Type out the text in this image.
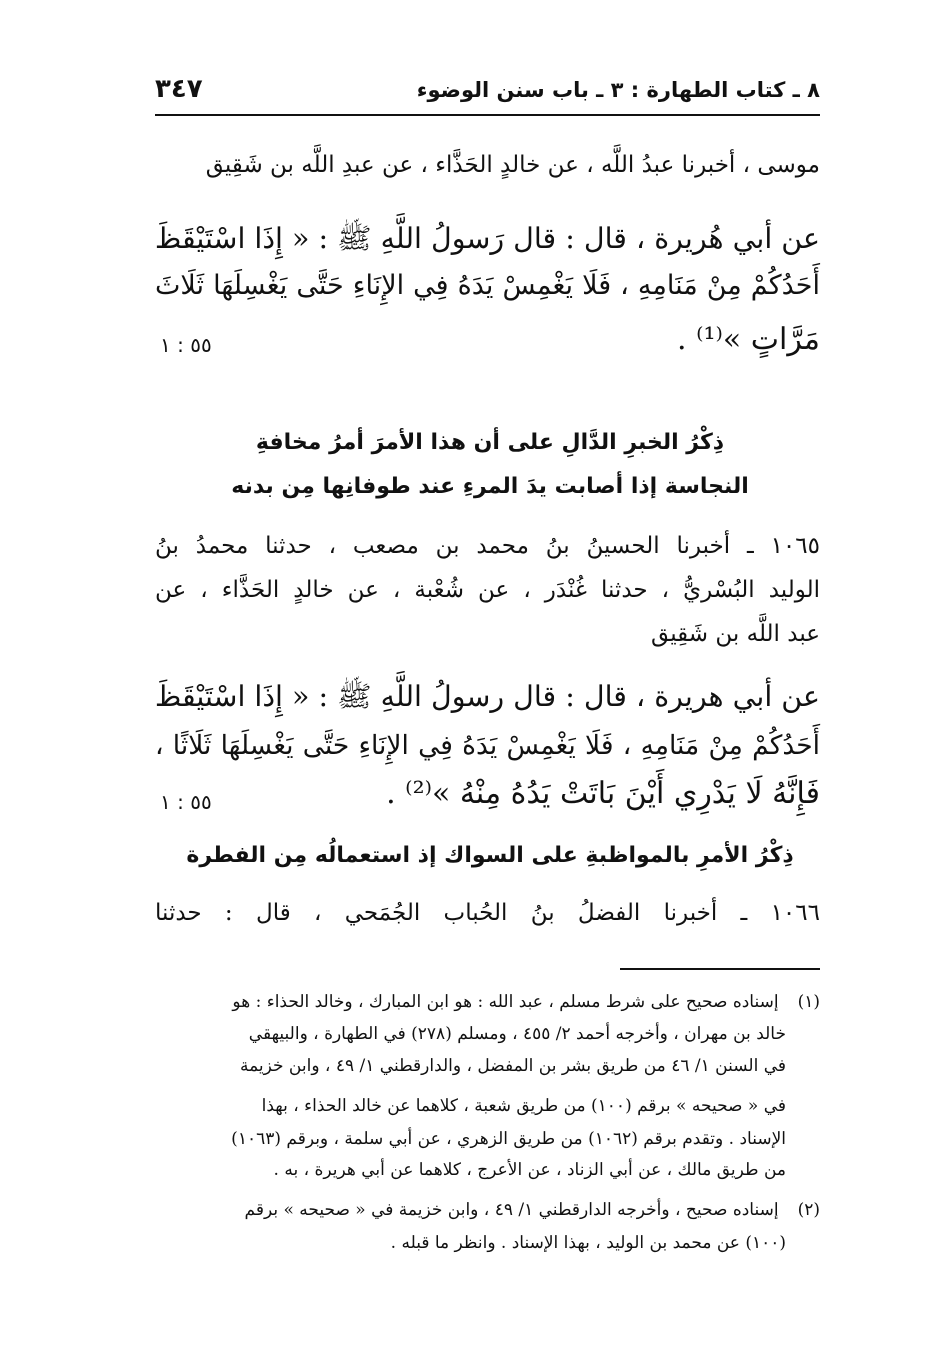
٨ ـ كتاب الطهارة : ٣ ـ باب سنن الوضوء
٣٤٧
موسى ، أخبرنا عبدُ اللَّه ، عن خالدٍ الحَذَّاء ، عن عبدِ اللَّه بن شَقِيق
عن أبي هُريرة ، قال : قال رَسولُ اللَّهِ ﷺ : « إِذَا اسْتَيْقَظَ
أَحَدُكُمْ مِنْ مَنَامِهِ ، فَلَا يَغْمِسْ يَدَهُ فِي الإِنَاءِ حَتَّى يَغْسِلَهَا ثَلَاثَ
مَرَّاتٍ »⁽¹⁾ .
٥٥ : ١
ذِكْرُ الخبرِ الدَّالِ على أن هذا الأمرَ أمرُ مخافةِ
النجاسة إذا أصابت يدَ المرءِ عند طوفانِها مِن بدنه
١٠٦٥ ـ أخبرنا الحسينُ بنُ محمد بن مصعب ، حدثنا محمدُ بنُ
الوليد البُسْريُّ ، حدثنا غُنْدَر ، عن شُعْبة ، عن خالدٍ الحَذَّاء ، عن
عبد اللَّه بن شَقِيق
عن أبي هريرة ، قال : قال رسولُ اللَّهِ ﷺ : « إِذَا اسْتَيْقَظَ
أَحَدُكُمْ مِنْ مَنَامِهِ ، فَلَا يَغْمِسْ يَدَهُ فِي الإِنَاءِ حَتَّى يَغْسِلَهَا ثَلَاثًا ،
فَإِنَّهُ لَا يَدْرِي أَيْنَ بَاتَتْ يَدُهُ مِنْهُ »⁽²⁾ .
٥٥ : ١
ذِكْرُ الأمرِ بالمواظبةِ على السواك إذ استعمالُه مِن الفطرة
١٠٦٦ ـ أخبرنا الفضلُ بنُ الحُباب الجُمَحي ، قال : حدثنا
(١) إسناده صحيح على شرط مسلم ، عبد الله : هو ابن المبارك ، وخالد الحذاء : هو
خالد بن مهران ، وأخرجه أحمد ٢/ ٤٥٥ ، ومسلم (٢٧٨) في الطهارة ، والبيهقي
في السنن ١/ ٤٦ من طريق بشر بن المفضل ، والدارقطني ١/ ٤٩ ، وابن خزيمة
في « صحيحه » برقم (١٠٠) من طريق شعبة ، كلاهما عن خالد الحذاء ، بهذا
الإسناد . وتقدم برقم (١٠٦٢) من طريق الزهري ، عن أبي سلمة ، وبرقم (١٠٦٣)
من طريق مالك ، عن أبي الزناد ، عن الأعرج ، كلاهما عن أبي هريرة ، به .
(٢) إسناده صحيح ، وأخرجه الدارقطني ١/ ٤٩ ، وابن خزيمة في « صحيحه » برقم
(١٠٠) عن محمد بن الوليد ، بهذا الإسناد . وانظر ما قبله .
